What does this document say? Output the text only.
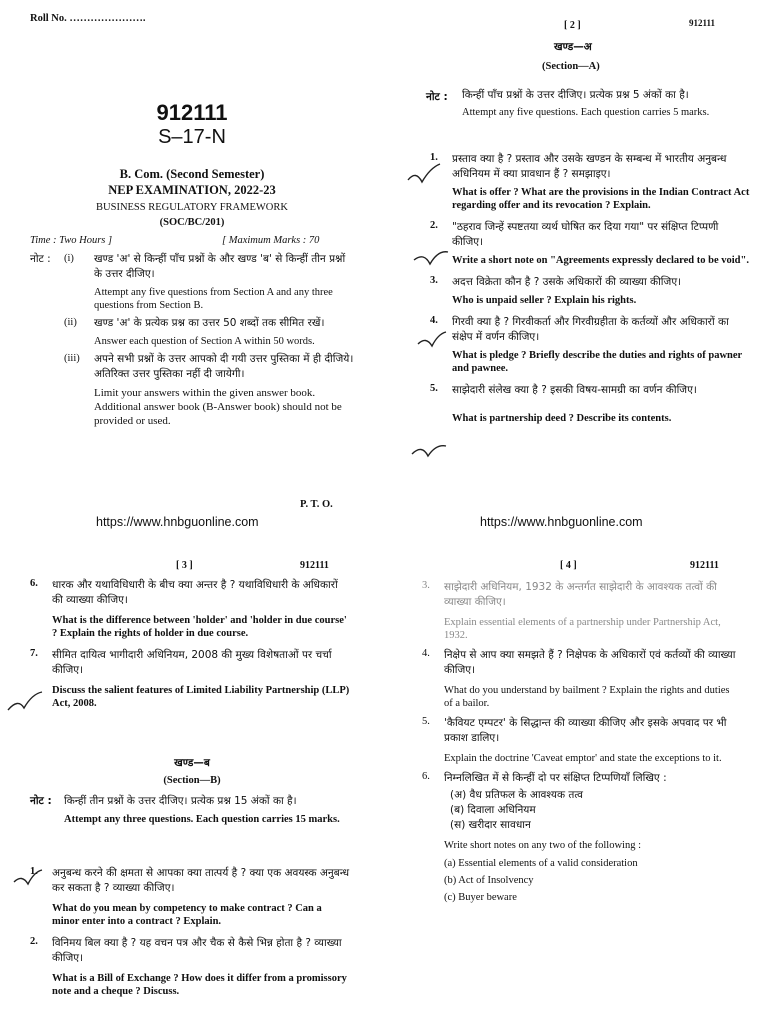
Roll No. ………………….
912111
S–17-N
B. Com. (Second Semester)
NEP EXAMINATION, 2022-23
BUSINESS REGULATORY FRAMEWORK
(SOC/BC/201)
Time : Two Hours ]	[ Maximum Marks : 70
नोट : (i) खण्ड 'अ' से किन्हीं पाँच प्रश्नों के और खण्ड 'ब' से किन्हीं तीन प्रश्नों के उत्तर दीजिए।
Attempt any five questions from Section A and any three questions from Section B.
(ii) खण्ड 'अ' के प्रत्येक प्रश्न का उत्तर 50 शब्दों तक सीमित रखें।
Answer each question of Section A within 50 words.
(iii) अपने सभी प्रश्नों के उत्तर आपको दी गयी उत्तर पुस्तिका में ही दीजिये। अतिरिक्त उत्तर पुस्तिका नहीं दी जायेगी।
Limit your answers within the given answer book. Additional answer book (B-Answer book) should not be provided or used.
P. T. O.
https://www.hnbguonline.com
[ 2 ]	912111
खण्ड—अ
(Section—A)
नोट : किन्हीं पाँच प्रश्नों के उत्तर दीजिए। प्रत्येक प्रश्न 5 अंकों का है।
Attempt any five questions. Each question carries 5 marks.
1. प्रस्ताव क्या है ? प्रस्ताव और उसके खण्डन के सम्बन्ध में भारतीय अनुबन्ध अधिनियम में क्या प्रावधान हैं ? समझाइए।
What is offer ? What are the provisions in the Indian Contract Act regarding offer and its revocation ? Explain.
2. "ठहराव जिन्हें स्पष्टतया व्यर्थ घोषित कर दिया गया" पर संक्षिप्त टिप्पणी कीजिए।
Write a short note on "Agreements expressly declared to be void".
3. अदत्त विक्रेता कौन है ? उसके अधिकारों की व्याख्या कीजिए।
Who is unpaid seller ? Explain his rights.
4. गिरवी क्या है ? गिरवीकर्ता और गिरवीग्रहीता के कर्तव्यों और अधिकारों का संक्षेप में वर्णन कीजिए।
What is pledge ? Briefly describe the duties and rights of pawner and pawnee.
5. साझेदारी संलेख क्या है ? इसकी विषय-सामग्री का वर्णन कीजिए।
What is partnership deed ? Describe its contents.
https://www.hnbguonline.com
[ 3 ]	912111
6. धारक और यथाविधिधारी के बीच क्या अन्तर है ? यथाविधिधारी के अधिकारों की व्याख्या कीजिए।
What is the difference between 'holder' and 'holder in due course' ? Explain the rights of holder in due course.
7. सीमित दायित्व भागीदारी अधिनियम, 2008 की मुख्य विशेषताओं पर चर्चा कीजिए।
Discuss the salient features of Limited Liability Partnership (LLP) Act, 2008.
खण्ड—ब
(Section—B)
नोट : किन्हीं तीन प्रश्नों के उत्तर दीजिए। प्रत्येक प्रश्न 15 अंकों का है।
Attempt any three questions. Each question carries 15 marks.
1. अनुबन्ध करने की क्षमता से आपका क्या तात्पर्य है ? क्या एक अवयस्क अनुबन्ध कर सकता है ? व्याख्या कीजिए।
What do you mean by competency to make contract ? Can a minor enter into a contract ? Explain.
2. विनिमय बिल क्या है ? यह वचन पत्र और चैक से कैसे भिन्न होता है ? व्याख्या कीजिए।
What is a Bill of Exchange ? How does it differ from a promissory note and a cheque ? Discuss.
[ 4 ]	912111
3. साझेदारी अधिनियम, 1932 के अन्तर्गत साझेदारी के आवश्यक तत्वों की व्याख्या कीजिए।
Explain essential elements of a partnership under Partnership Act, 1932.
4. निक्षेप से आप क्या समझते हैं ? निक्षेपक के अधिकारों एवं कर्तव्यों की व्याख्या कीजिए।
What do you understand by bailment ? Explain the rights and duties of a bailor.
5. 'कैवियट एम्पटर' के सिद्धान्त की व्याख्या कीजिए और इसके अपवाद पर भी प्रकाश डालिए।
Explain the doctrine 'Caveat emptor' and state the exceptions to it.
6. निम्नलिखित में से किन्हीं दो पर संक्षिप्त टिप्पणियाँ लिखिए :
(अ) वैध प्रतिफल के आवश्यक तत्व
(ब) दिवाला अधिनियम
(स) खरीदार सावधान
Write short notes on any two of the following :
(a) Essential elements of a valid consideration
(b) Act of Insolvency
(c) Buyer beware
